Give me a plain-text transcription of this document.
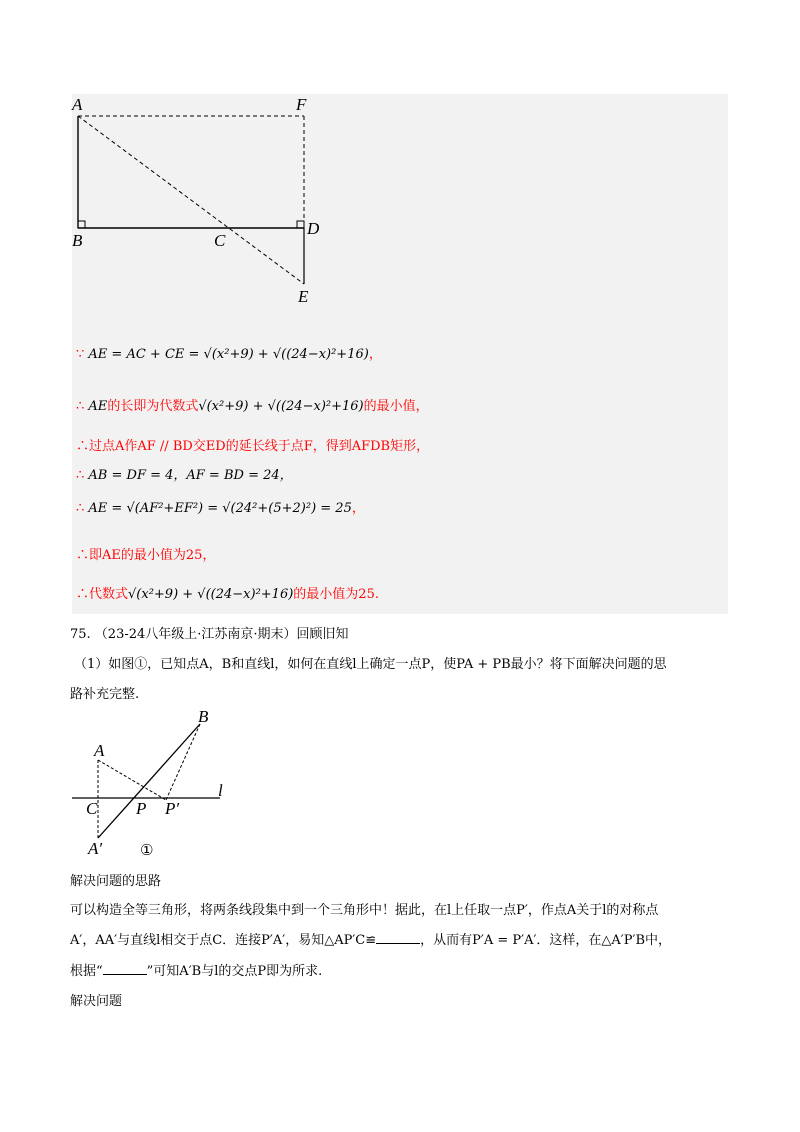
A	F
B	C
D
E
∵ AE = AC + CE = √(x²+9) + √((24−x)²+16)，
∴ AE的长即为代数式√(x²+9) + √((24−x)²+16)的最小值，
∴过点A作AF // BD交ED的延长线于点F，得到AFDB矩形，
∴ AB = DF = 4，AF = BD = 24，
∴ AE = √(AF²+EF²) = √(24²+(5+2)²) = 25，
∴即AE的最小值为25，
∴代数式√(x²+9) + √((24−x)²+16)的最小值为25.
75. （23-24八年级上·江苏南京·期末）回顾旧知
（1）如图①，已知点A，B和直线l，如何在直线l上确定一点P，使PA + PB最小？将下面解决问题的思
路补充完整.
B
A
l
C P P′
A′	①
解决问题的思路
可以构造全等三角形，将两条线段集中到一个三角形中！据此，在l上任取一点P′，作点A关于l的对称点
A′，AA′与直线l相交于点C．连接P′A′，易知△AP′C≌	，从而有P′A = P′A′．这样，在△A′P′B中，
根据“	”可知A′B与l的交点P即为所求.
解决问题
